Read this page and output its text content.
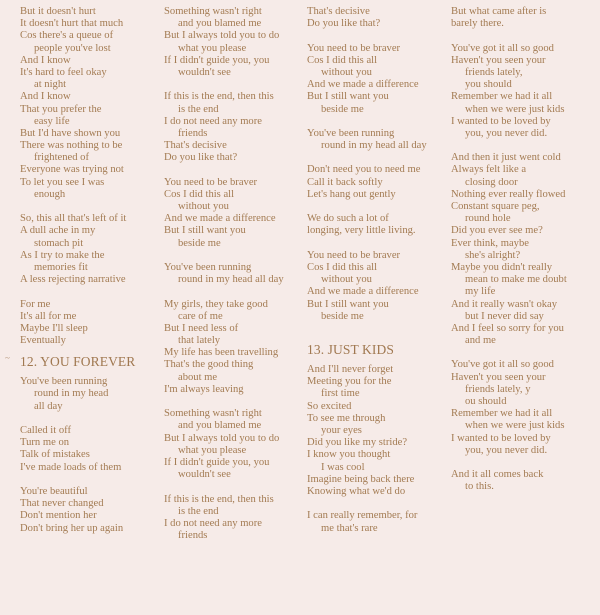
But it doesn't hurt
It doesn't hurt that much
Cos there's a queue of
people you've lost
And I know
It's hard to feel okay
at night
And I know
That you prefer the
easy life
But I'd have shown you
There was nothing to be
frightened of
Everyone was trying not
To let you see I was
enough
So, this all that's left of it
A dull ache in my
stomach pit
As I try to make the
memories fit
A less rejecting narrative
For me
It's all for me
Maybe I'll sleep
Eventually
12. YOU FOREVER
You've been running
round in my head
all day
Called it off
Turn me on
Talk of mistakes
I've made loads of them
You're beautiful
That never changed
Don't mention her
Don't bring her up again
Something wasn't right
and you blamed me
But I always told you to do
what you please
If I didn't guide you, you
wouldn't see
If this is the end, then this
is the end
I do not need any more
friends
That's decisive
Do you like that?
You need to be braver
Cos I did this all
without you
And we made a difference
But I still want you
beside me
You've been running
round in my head all day
My girls, they take good
care of me
But I need less of
that lately
My life has been travelling
That's the good thing
about me
I'm always leaving
Something wasn't right
and you blamed me
But I always told you to do
what you please
If I didn't guide you, you
wouldn't see
If this is the end, then this
is the end
I do not need any more
friends
That's decisive
Do you like that?
You need to be braver
Cos I did this all
without you
And we made a difference
But I still want you
beside me
You've been running
round in my head all day
Don't need you to need me
Call it back softly
Let's hang out gently
We do such a lot of
longing, very little living.
You need to be braver
Cos I did this all
without you
And we made a difference
But I still want you
beside me
13. JUST KIDS
And I'll never forget
Meeting you for the
first time
So excited
To see me through
your eyes
Did you like my stride?
I know you thought
I was cool
Imagine being back there
Knowing what we'd do
I can really remember, for
me that's rare
But what came after is
barely there.
You've got it all so good
Haven't you seen your
friends lately,
you should
Remember we had it all
when we were just kids
I wanted to be loved by
you, you never did.
And then it just went cold
Always felt like a
closing door
Nothing ever really flowed
Constant square peg,
round hole
Did you ever see me?
Ever think, maybe
she's alright?
Maybe you didn't really
mean to make me doubt
my life
And it really wasn't okay
but I never did say
And I feel so sorry for you
and me
You've got it all so good
Haven't you seen your
friends lately, y
ou should
Remember we had it all
when we were just kids
I wanted to be loved by
you, you never did.
And it all comes back
to this.
~
